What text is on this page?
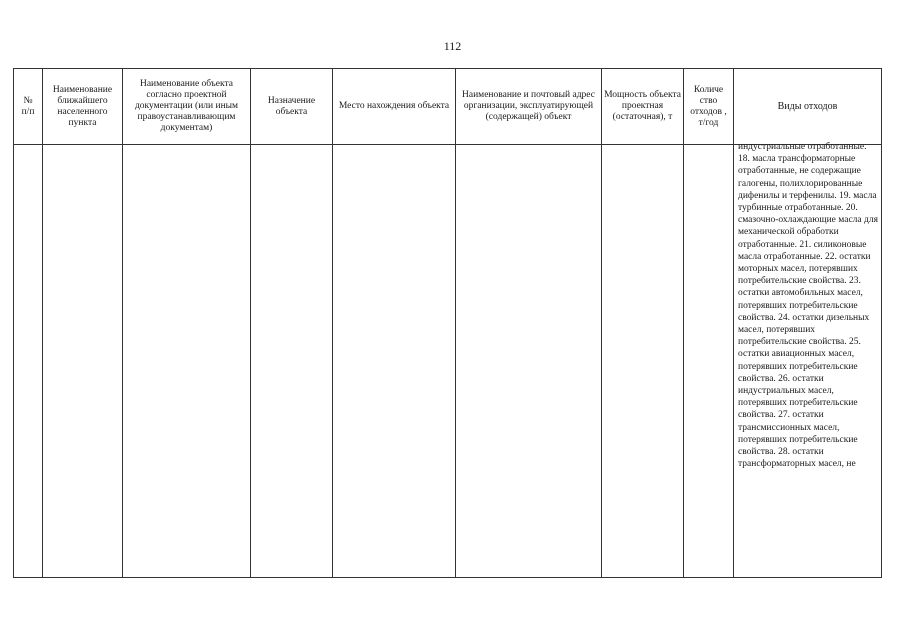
112
№
п/п	Наименование ближайшего населенного пункта	Наименование объекта согласно проектной документации (или иным правоустанавливающим документам)	Назначение объекта	Место нахождения объекта	Наименование и почтовый адрес организации, эксплуатирующей (содержащей) объект	Мощность объекта проектная (остаточная), т	Количе ство отходов , т/год	Виды отходов

								индустриальные отработанные. 18. масла трансформаторные отработанные, не содержащие галогены, полихлорированные дифенилы и терфенилы. 19. масла турбинные отработанные. 20. смазочно-охлаждающие масла для механической обработки отработанные. 21. силиконовые масла отработанные. 22. остатки моторных масел, потерявших потребительские свойства. 23. остатки автомобильных масел, потерявших потребительские свойства. 24. остатки дизельных масел, потерявших потребительские свойства. 25. остатки авиационных масел, потерявших потребительские свойства. 26. остатки индустриальных масел, потерявших потребительские свойства. 27. остатки трансмиссионных масел, потерявших потребительские свойства. 28. остатки трансформаторных масел, не
